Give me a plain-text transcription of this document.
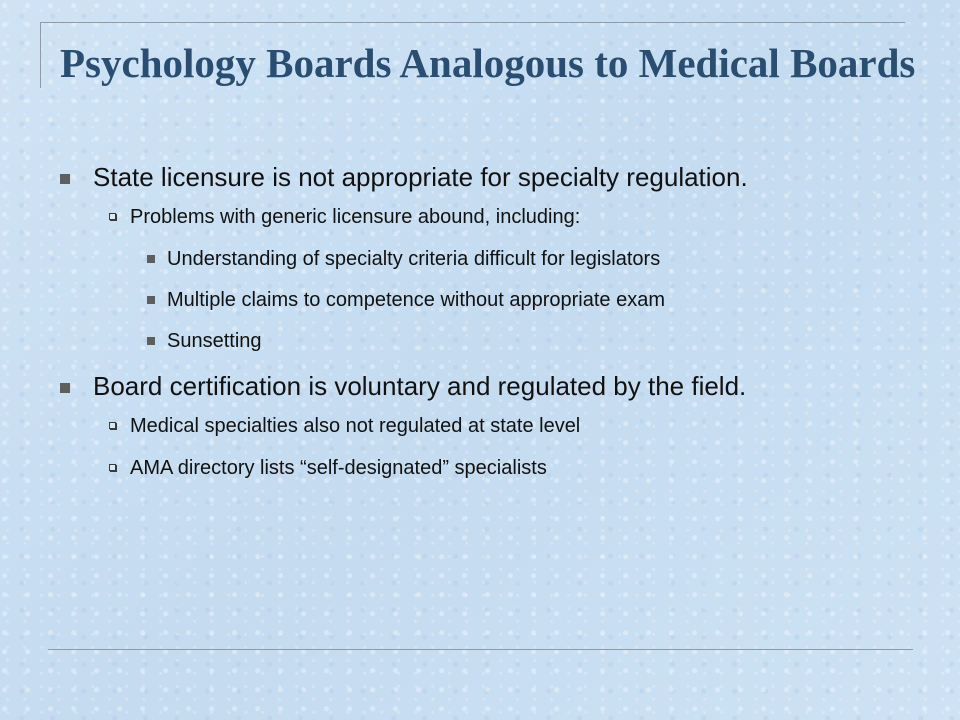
Psychology Boards Analogous to Medical Boards
State licensure is not appropriate for specialty regulation.
Problems with generic licensure abound, including:
Understanding of specialty criteria difficult for legislators
Multiple claims to competence without appropriate exam
Sunsetting
Board certification is voluntary and regulated by the field.
Medical specialties also not regulated at state level
AMA directory lists “self-designated” specialists
